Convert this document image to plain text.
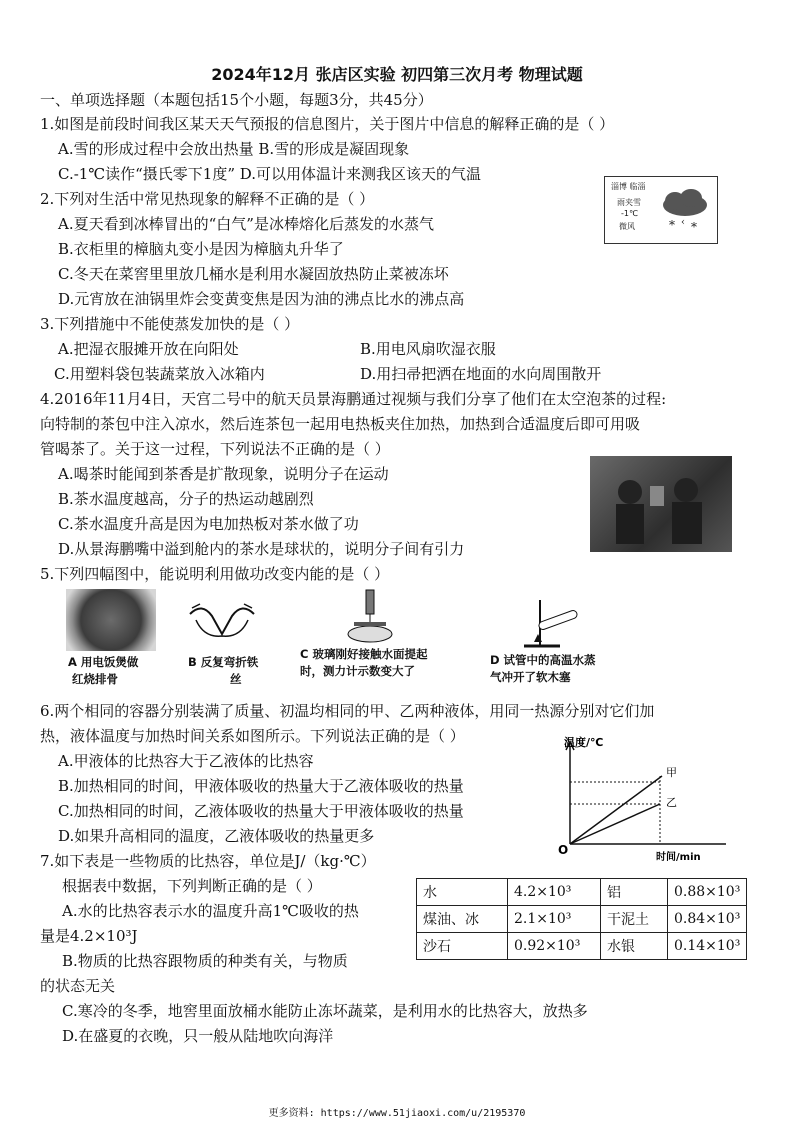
2024年12月 张店区实验 初四第三次月考 物理试题
一、单项选择题（本题包括15个小题，每题3分，共45分）
1.如图是前段时间我区某天天气预报的信息图片，关于图片中信息的解释正确的是（ ）
A.雪的形成过程中会放出热量 B.雪的形成是凝固现象
C.-1℃读作“摄氏零下1度” D.可以用体温计来测我区该天的气温
淄博 临淄
雨夹雪
-1℃
微风	* ‹ *
2.下列对生活中常见热现象的解释不正确的是（ ）
A.夏天看到冰棒冒出的“白气”是冰棒熔化后蒸发的水蒸气
B.衣柜里的樟脑丸变小是因为樟脑丸升华了
C.冬天在菜窖里里放几桶水是利用水凝固放热防止菜被冻坏
D.元宵放在油锅里炸会变黄变焦是因为油的沸点比水的沸点高
3.下列措施中不能使蒸发加快的是（ ）
A.把湿衣服摊开放在向阳处	B.用电风扇吹湿衣服
C.用塑料袋包装蔬菜放入冰箱内	D.用扫帚把洒在地面的水向周围散开
4.2016年11月4日，天宫二号中的航天员景海鹏通过视频与我们分享了他们在太空泡茶的过程:
向特制的茶包中注入凉水，然后连茶包一起用电热板夹住加热，加热到合适温度后即可用吸
管喝茶了。关于这一过程，下列说法不正确的是（ ）
A.喝茶时能闻到茶香是扩散现象，说明分子在运动
B.茶水温度越高，分子的热运动越剧烈
C.茶水温度升高是因为电加热板对茶水做了功
D.从景海鹏嘴中溢到舱内的茶水是球状的，说明分子间有引力
5.下列四幅图中，能说明利用做功改变内能的是（ ）
A 用电饭煲做
红烧排骨
B 反复弯折铁
丝
C 玻璃刚好接触水面提起
时，测力计示数变大了
D 试管中的高温水蒸
气冲开了软木塞
6.两个相同的容器分别装满了质量、初温均相同的甲、乙两种液体，用同一热源分别对它们加
热，液体温度与加热时间关系如图所示。下列说法正确的是（ ）
A.甲液体的比热容大于乙液体的比热容
B.加热相同的时间，甲液体吸收的热量大于乙液体吸收的热量
C.加热相同的时间，乙液体吸收的热量大于甲液体吸收的热量
D.如果升高相同的温度，乙液体吸收的热量更多
温度/℃
时间/min
O
甲
乙
7.如下表是一些物质的比热容，单位是J/（kg·℃）
根据表中数据，下列判断正确的是（ ）
A.水的比热容表示水的温度升高1℃吸收的热
量是4.2×10³J
B.物质的比热容跟物质的种类有关，与物质
的状态无关
C.寒冷的冬季，地窖里面放桶水能防止冻坏蔬菜，是利用水的比热容大，放热多
D.在盛夏的衣晚，只一般从陆地吹向海洋
水	4.2×10³	铝	0.88×10³
煤油、冰	2.1×10³	干泥土	0.84×10³
沙石	0.92×10³	水银	0.14×10³
更多资料: https://www.51jiaoxi.com/u/2195370
